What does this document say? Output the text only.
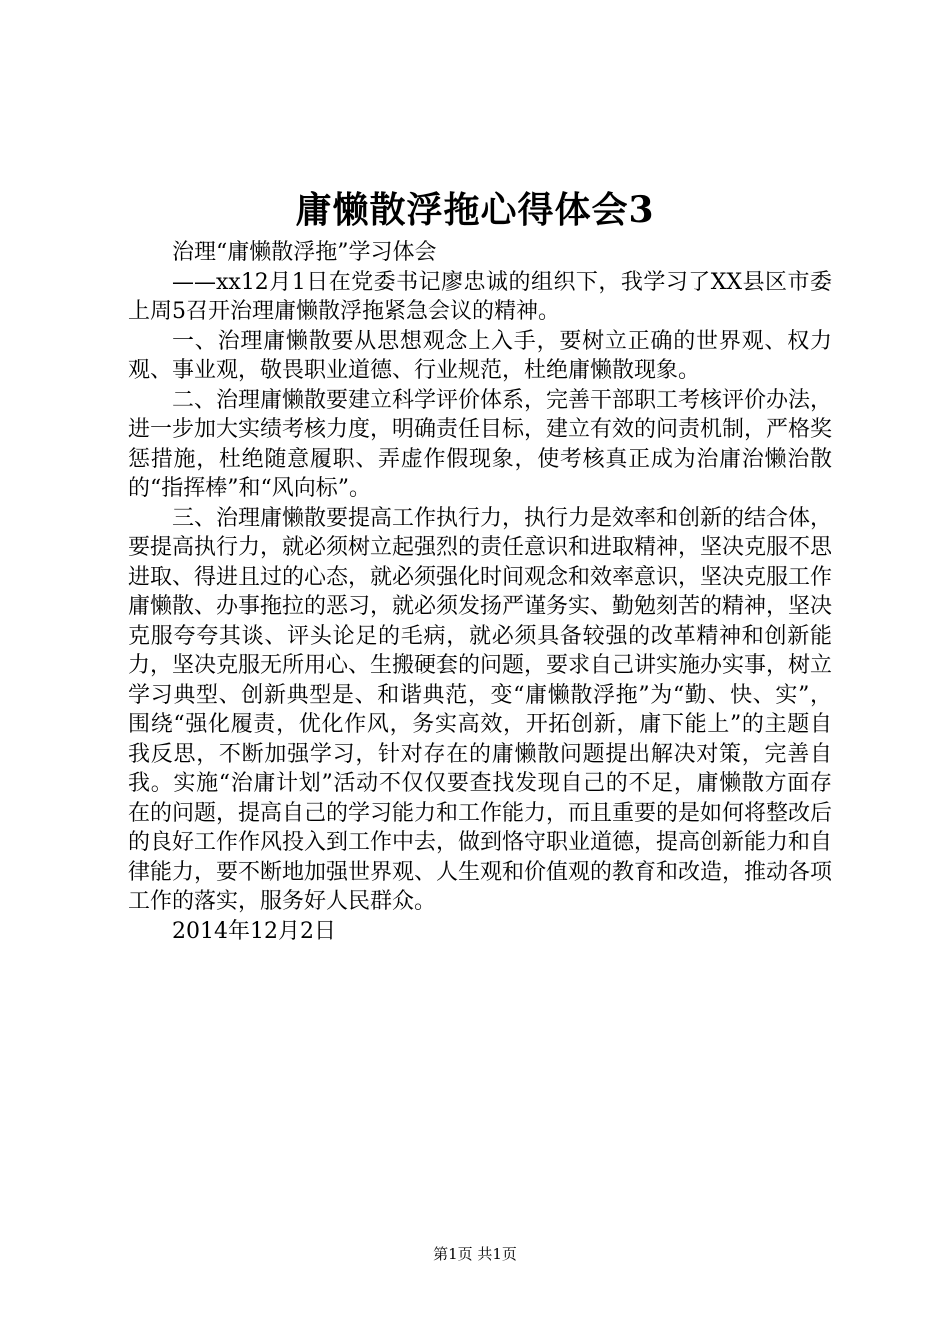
庸懒散浮拖心得体会3

治理“庸懒散浮拖”学习体会

——xx12月1日在党委书记廖忠诚的组织下，我学习了XX县区市委上周5召开治理庸懒散浮拖紧急会议的精神。

一、治理庸懒散要从思想观念上入手，要树立正确的世界观、权力观、事业观，敬畏职业道德、行业规范，杜绝庸懒散现象。

二、治理庸懒散要建立科学评价体系，完善干部职工考核评价办法，进一步加大实绩考核力度，明确责任目标，建立有效的问责机制，严格奖惩措施，杜绝随意履职、弄虚作假现象，使考核真正成为治庸治懒治散的“指挥棒”和“风向标”。

三、治理庸懒散要提高工作执行力，执行力是效率和创新的结合体，要提高执行力，就必须树立起强烈的责任意识和进取精神，坚决克服不思进取、得进且过的心态，就必须强化时间观念和效率意识，坚决克服工作庸懒散、办事拖拉的恶习，就必须发扬严谨务实、勤勉刻苦的精神，坚决克服夸夸其谈、评头论足的毛病，就必须具备较强的改革精神和创新能力，坚决克服无所用心、生搬硬套的问题，要求自己讲实施办实事，树立学习典型、创新典型是、和谐典范，变“庸懒散浮拖”为“勤、快、实”，围绕“强化履责，优化作风，务实高效，开拓创新，庸下能上”的主题自我反思，不断加强学习，针对存在的庸懒散问题提出解决对策，完善自我。实施“治庸计划”活动不仅仅要查找发现自己的不足，庸懒散方面存在的问题，提高自己的学习能力和工作能力，而且重要的是如何将整改后的良好工作作风投入到工作中去，做到恪守职业道德，提高创新能力和自律能力，要不断地加强世界观、人生观和价值观的教育和改造，推动各项工作的落实，服务好人民群众。

2014年12月2日

第1页 共1页
